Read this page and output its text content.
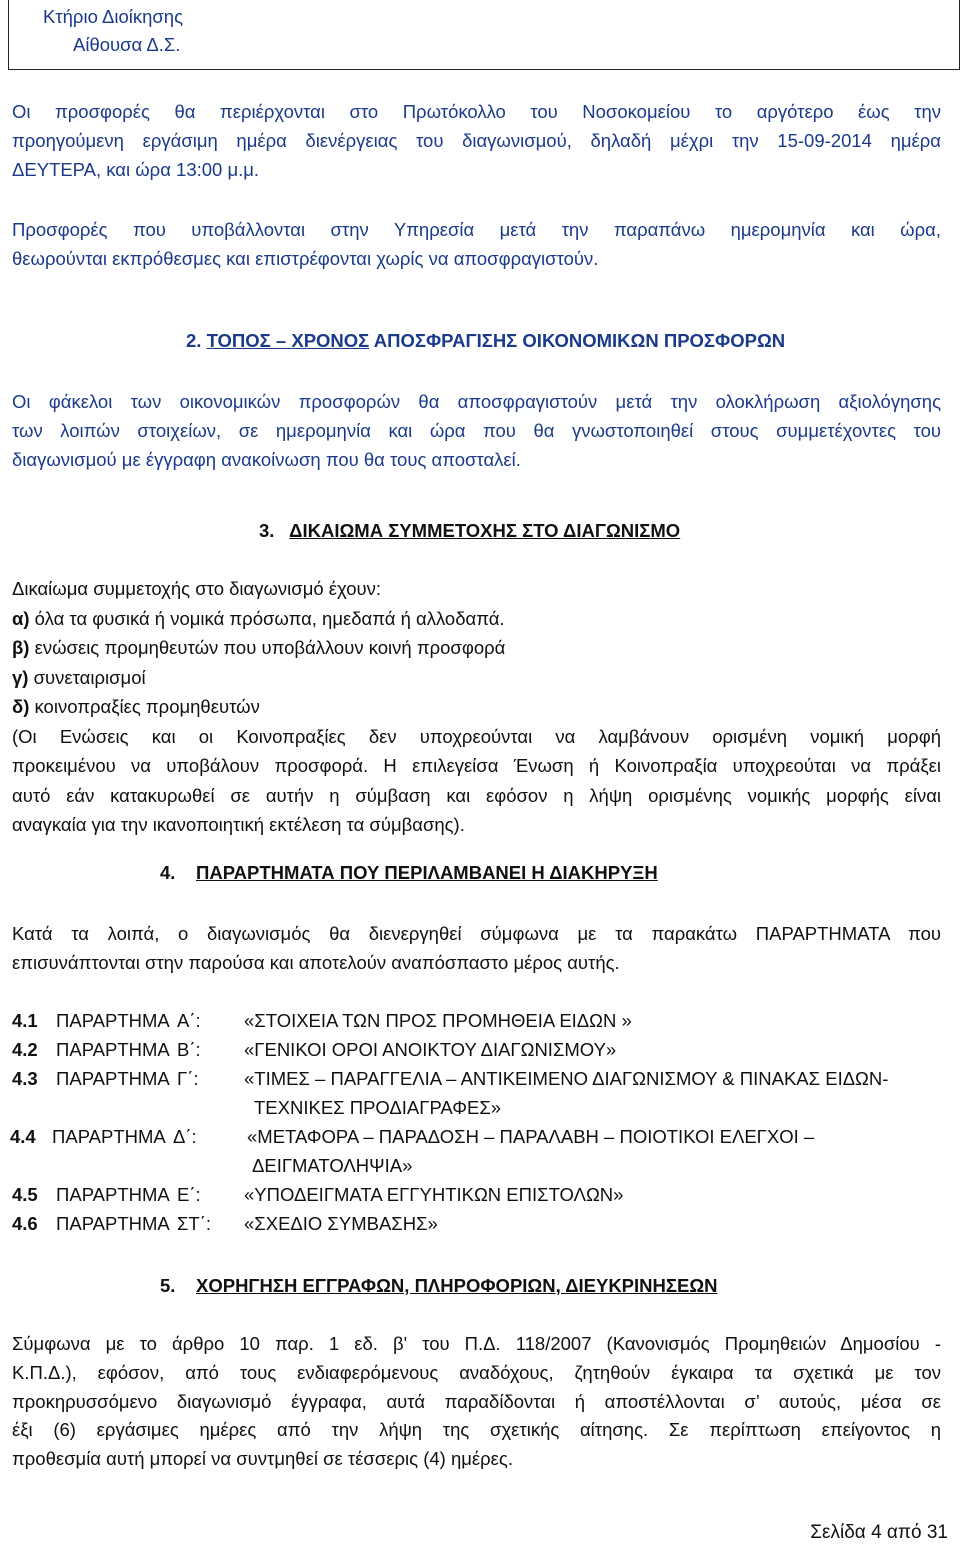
Κτήριο Διοίκησης
Αίθουσα Δ.Σ.
Οι προσφορές θα περιέρχονται στο Πρωτόκολλο του Νοσοκομείου το αργότερο έως την
προηγούμενη εργάσιμη ημέρα διενέργειας του διαγωνισμού, δηλαδή μέχρι την 15-09-2014 ημέρα
ΔΕΥΤΕΡΑ, και ώρα 13:00 μ.μ.
Προσφορές που υποβάλλονται στην Υπηρεσία μετά την παραπάνω ημερομηνία και ώρα,
θεωρούνται εκπρόθεσμες και επιστρέφονται χωρίς να αποσφραγιστούν.
2. ΤΟΠΟΣ – ΧΡΟΝΟΣ ΑΠΟΣΦΡΑΓΙΣΗΣ ΟΙΚΟΝΟΜΙΚΩΝ ΠΡΟΣΦΟΡΩΝ
Οι φάκελοι των οικονομικών προσφορών θα αποσφραγιστούν μετά την ολοκλήρωση αξιολόγησης
των λοιπών στοιχείων, σε ημερομηνία και ώρα που θα γνωστοποιηθεί στους συμμετέχοντες του
διαγωνισμού με έγγραφη ανακοίνωση που θα τους αποσταλεί.
3. ΔΙΚΑΙΩΜΑ ΣΥΜΜΕΤΟΧΗΣ ΣΤΟ ΔΙΑΓΩΝΙΣΜΟ
Δικαίωμα συμμετοχής στο διαγωνισμό έχουν:
α) όλα τα φυσικά ή νομικά πρόσωπα, ημεδαπά ή αλλοδαπά.
β) ενώσεις προμηθευτών που υποβάλλουν κοινή προσφορά
γ) συνεταιρισμοί
δ) κοινοπραξίες προμηθευτών
(Οι Ενώσεις και οι Κοινοπραξίες δεν υποχρεούνται να λαμβάνουν ορισμένη νομική μορφή
προκειμένου να υποβάλουν προσφορά. Η επιλεγείσα Ένωση ή Κοινοπραξία υποχρεούται να πράξει
αυτό εάν κατακυρωθεί σε αυτήν η σύμβαση και εφόσον η λήψη ορισμένης νομικής μορφής είναι
αναγκαία για την ικανοποιητική εκτέλεση τα σύμβασης).
4. ΠΑΡΑΡΤΗΜΑΤΑ ΠΟΥ ΠΕΡΙΛΑΜΒΑΝΕΙ Η ΔΙΑΚΗΡΥΞΗ
Κατά τα λοιπά, ο διαγωνισμός θα διενεργηθεί σύμφωνα με τα παρακάτω ΠΑΡΑΡΤΗΜΑΤΑ που
επισυνάπτονται στην παρούσα και αποτελούν αναπόσπαστο μέρος αυτής.
4.1 ΠΑΡΑΡΤΗΜΑ Α΄: «ΣΤΟΙΧΕΙΑ ΤΩΝ ΠΡΟΣ ΠΡΟΜΗΘΕΙΑ ΕΙΔΩΝ »
4.2 ΠΑΡΑΡΤΗΜΑ Β΄: «ΓΕΝΙΚΟΙ ΟΡΟΙ ΑΝΟΙΚΤΟΥ ΔΙΑΓΩΝΙΣΜΟΥ»
4.3 ΠΑΡΑΡΤΗΜΑ Γ΄: «ΤΙΜΕΣ – ΠΑΡΑΓΓΕΛΙΑ – ΑΝΤΙΚΕΙΜΕΝΟ ΔΙΑΓΩΝΙΣΜΟΥ & ΠΙΝΑΚΑΣ ΕΙΔΩΝ-
ΤΕΧΝΙΚΕΣ ΠΡΟΔΙΑΓΡΑΦΕΣ»
4.4 ΠΑΡΑΡΤΗΜΑ Δ΄:	«ΜΕΤΑΦΟΡΑ – ΠΑΡΑΔΟΣΗ – ΠΑΡΑΛΑΒΗ – ΠΟΙΟΤΙΚΟΙ ΕΛΕΓΧΟΙ –
ΔΕΙΓΜΑΤΟΛΗΨΙΑ»
4.5 ΠΑΡΑΡΤΗΜΑ Ε΄: «ΥΠΟΔΕΙΓΜΑΤΑ ΕΓΓΥΗΤΙΚΩΝ ΕΠΙΣΤΟΛΩΝ»
4.6 ΠΑΡΑΡΤΗΜΑ ΣΤ΄: «ΣΧΕΔΙΟ ΣΥΜΒΑΣΗΣ»
5. ΧΟΡΗΓΗΣΗ ΕΓΓΡΑΦΩΝ, ΠΛΗΡΟΦΟΡΙΩΝ, ΔΙΕΥΚΡΙΝΗΣΕΩΝ
Σύμφωνα με το άρθρο 10 παρ. 1 εδ. β' του Π.Δ. 118/2007 (Κανονισμός Προμηθειών Δημοσίου -
Κ.Π.Δ.), εφόσον, από τους ενδιαφερόμενους αναδόχους, ζητηθούν έγκαιρα τα σχετικά με τον
προκηρυσσόμενο διαγωνισμό έγγραφα, αυτά παραδίδονται ή αποστέλλονται σ’ αυτούς, μέσα σε
έξι (6) εργάσιμες ημέρες από την λήψη της σχετικής αίτησης. Σε περίπτωση επείγοντος η
προθεσμία αυτή μπορεί να συντμηθεί σε τέσσερις (4) ημέρες.
Σελίδα 4 από 31
